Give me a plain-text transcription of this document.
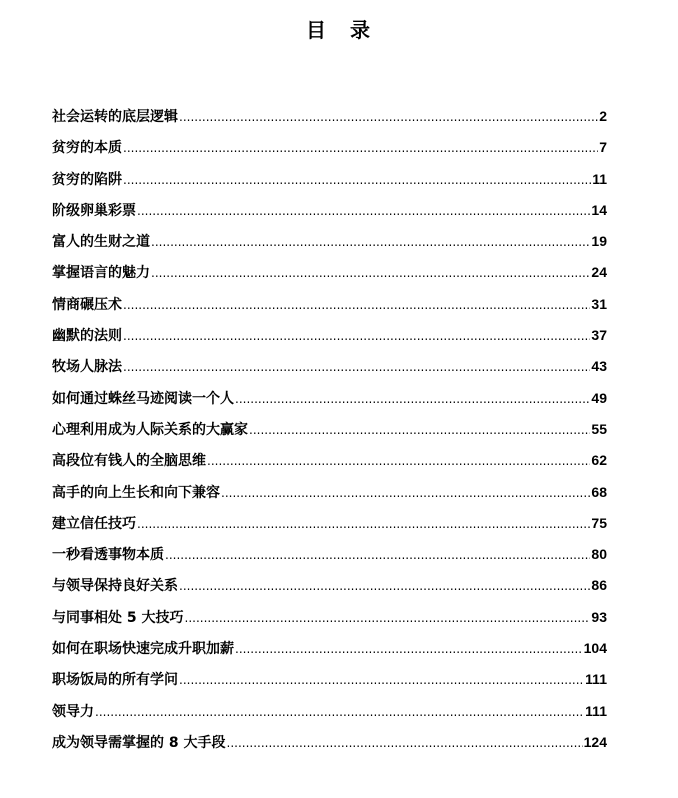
目　录
社会运转的底层逻辑 .....	2
贫穷的本质 .....	7
贫穷的陷阱 .....	11
阶级卵巢彩票 .....	14
富人的生财之道 .....	19
掌握语言的魅力 .....	24
情商碾压术 .....	31
幽默的法则 .....	37
牧场人脉法 .....	43
如何通过蛛丝马迹阅读一个人 .....	49
心理利用成为人际关系的大赢家 .....	55
高段位有钱人的全脑思维 .....	62
高手的向上生长和向下兼容 .....	68
建立信任技巧 .....	75
一秒看透事物本质 .....	80
与领导保持良好关系 .....	86
与同事相处 5 大技巧 .....	93
如何在职场快速完成升职加薪 .....	104
职场饭局的所有学问 .....	111
领导力 .....	111
成为领导需掌握的 8 大手段 .....	124
